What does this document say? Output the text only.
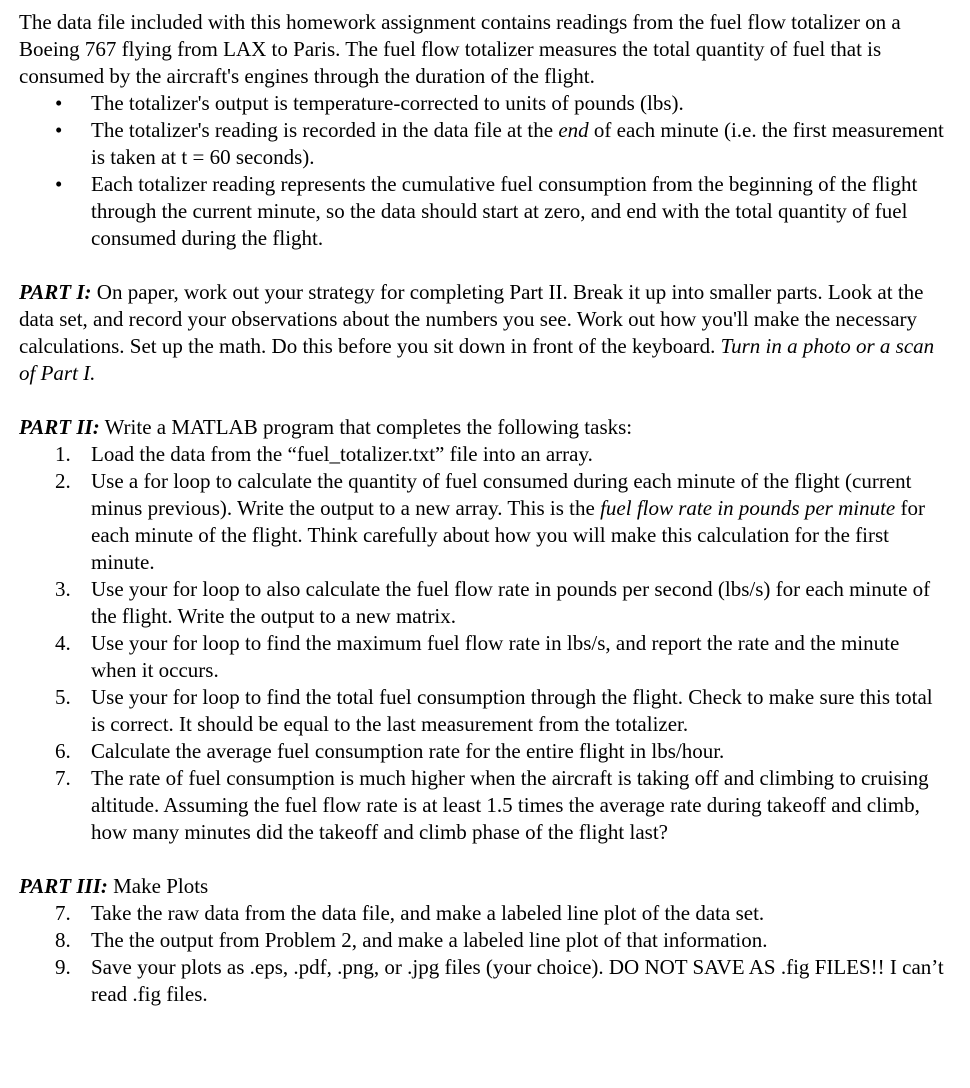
The data file included with this homework assignment contains readings from the fuel flow totalizer on a Boeing 767 flying from LAX to Paris. The fuel flow totalizer measures the total quantity of fuel that is consumed by the aircraft's engines through the duration of the flight.

• The totalizer's output is temperature-corrected to units of pounds (lbs).
• The totalizer's reading is recorded in the data file at the end of each minute (i.e. the first measurement is taken at t = 60 seconds).
• Each totalizer reading represents the cumulative fuel consumption from the beginning of the flight through the current minute, so the data should start at zero, and end with the total quantity of fuel consumed during the flight.

PART I: On paper, work out your strategy for completing Part II. Break it up into smaller parts. Look at the data set, and record your observations about the numbers you see. Work out how you'll make the necessary calculations. Set up the math. Do this before you sit down in front of the keyboard. Turn in a photo or a scan of Part I.

PART II: Write a MATLAB program that completes the following tasks:

1. Load the data from the “fuel_totalizer.txt” file into an array.
2. Use a for loop to calculate the quantity of fuel consumed during each minute of the flight (current minus previous). Write the output to a new array. This is the fuel flow rate in pounds per minute for each minute of the flight. Think carefully about how you will make this calculation for the first minute.
3. Use your for loop to also calculate the fuel flow rate in pounds per second (lbs/s) for each minute of the flight. Write the output to a new matrix.
4. Use your for loop to find the maximum fuel flow rate in lbs/s, and report the rate and the minute when it occurs.
5. Use your for loop to find the total fuel consumption through the flight. Check to make sure this total is correct. It should be equal to the last measurement from the totalizer.
6. Calculate the average fuel consumption rate for the entire flight in lbs/hour.
7. The rate of fuel consumption is much higher when the aircraft is taking off and climbing to cruising altitude. Assuming the fuel flow rate is at least 1.5 times the average rate during takeoff and climb, how many minutes did the takeoff and climb phase of the flight last?

PART III: Make Plots

7. Take the raw data from the data file, and make a labeled line plot of the data set.
8. The the output from Problem 2, and make a labeled line plot of that information.
9. Save your plots as .eps, .pdf, .png, or .jpg files (your choice). DO NOT SAVE AS .fig FILES!! I can’t read .fig files.
